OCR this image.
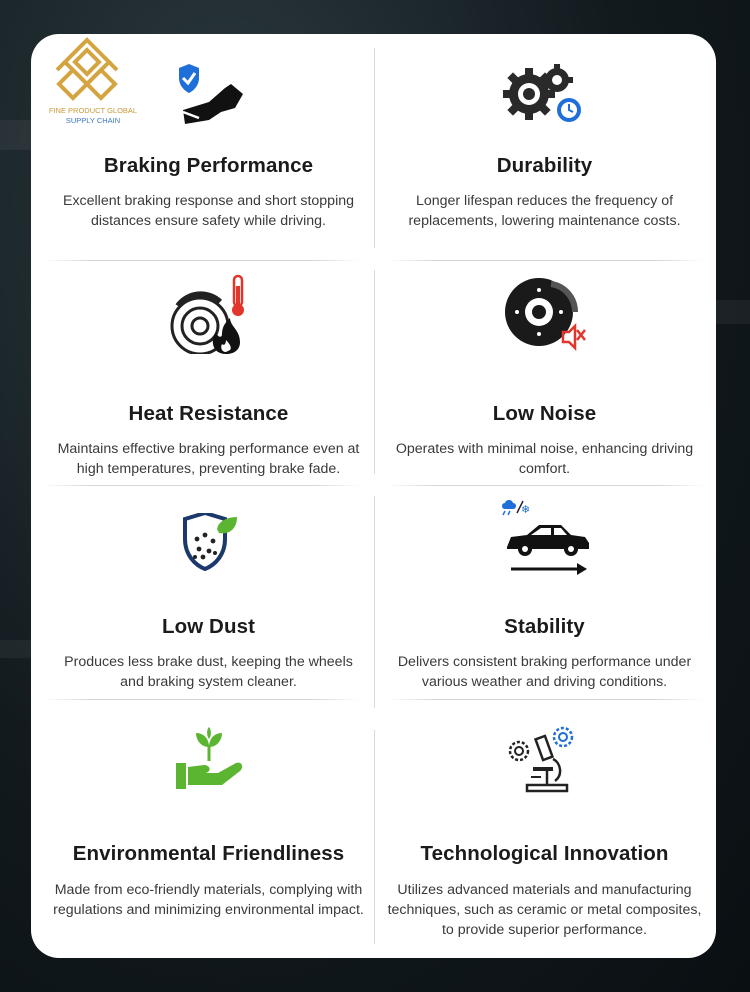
FINE PRODUCT GLOBAL
SUPPLY CHAIN
Braking Performance

Excellent braking response and short stopping distances ensure safety while driving.

Durability

Longer lifespan reduces the frequency of replacements, lowering maintenance costs.

Heat Resistance

Maintains effective braking performance even at high temperatures, preventing brake fade.

Low Noise

Operates with minimal noise, enhancing driving comfort.

Low Dust

Produces less brake dust, keeping the wheels and braking system cleaner.

❄
Stability

Delivers consistent braking performance under various weather and driving conditions.

Environmental Friendliness

Made from eco-friendly materials, complying with regulations and minimizing environmental impact.

Technological Innovation

Utilizes advanced materials and manufacturing techniques, such as ceramic or metal composites, to provide superior performance.
